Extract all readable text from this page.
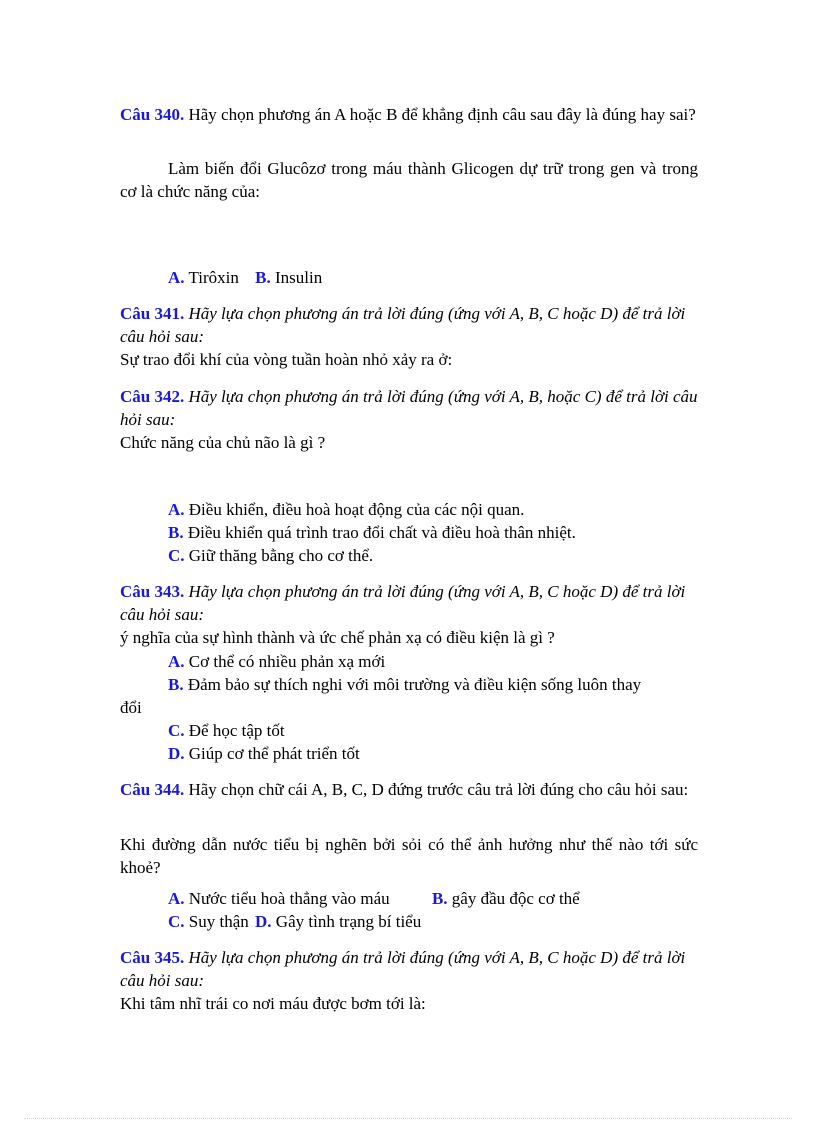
Câu 340. Hãy chọn phương án A hoặc B để khẳng định câu sau đây là đúng hay sai?
Làm biến đổi Glucôzơ trong máu thành Glicogen dự trữ trong gen và trong cơ là chức năng của:
A. Tirôxin B. Insulin
Câu 341. Hãy lựa chọn phương án trả lời đúng (ứng với A, B, C hoặc D) để trả lời câu hỏi sau:
Sự trao đổi khí của vòng tuần hoàn nhỏ xảy ra ở:
Câu 342. Hãy lựa chọn phương án trả lời đúng (ứng với A, B, hoặc C) để trả lời câu hỏi sau:
Chức năng của chủ não là gì ?
A. Điều khiển, điều hoà hoạt động của các nội quan.
B. Điều khiển quá trình trao đổi chất và điều hoà thân nhiệt.
C. Giữ thăng bằng cho cơ thể.
Câu 343. Hãy lựa chọn phương án trả lời đúng (ứng với A, B, C hoặc D) để trả lời câu hỏi sau:
ý nghĩa của sự hình thành và ức chế phản xạ có điều kiện là gì ?
A. Cơ thể có nhiều phản xạ mới
B. Đảm bảo sự thích nghi với môi trường và điều kiện sống luôn thay
đổi
C. Để học tập tốt
D. Giúp cơ thể phát triển tốt
Câu 344. Hãy chọn chữ cái A, B, C, D đứng trước câu trả lời đúng cho câu hỏi sau:
Khi đường dẫn nước tiểu bị nghẽn bởi sỏi có thể ảnh hưởng như thế nào tới sức khoẻ?
A. Nước tiểu hoà thẳng vào máu B. gây đầu độc cơ thể
C. Suy thận D. Gây tình trạng bí tiểu
Câu 345. Hãy lựa chọn phương án trả lời đúng (ứng với A, B, C hoặc D) để trả lời câu hỏi sau:
Khi tâm nhĩ trái co nơi máu được bơm tới là:
